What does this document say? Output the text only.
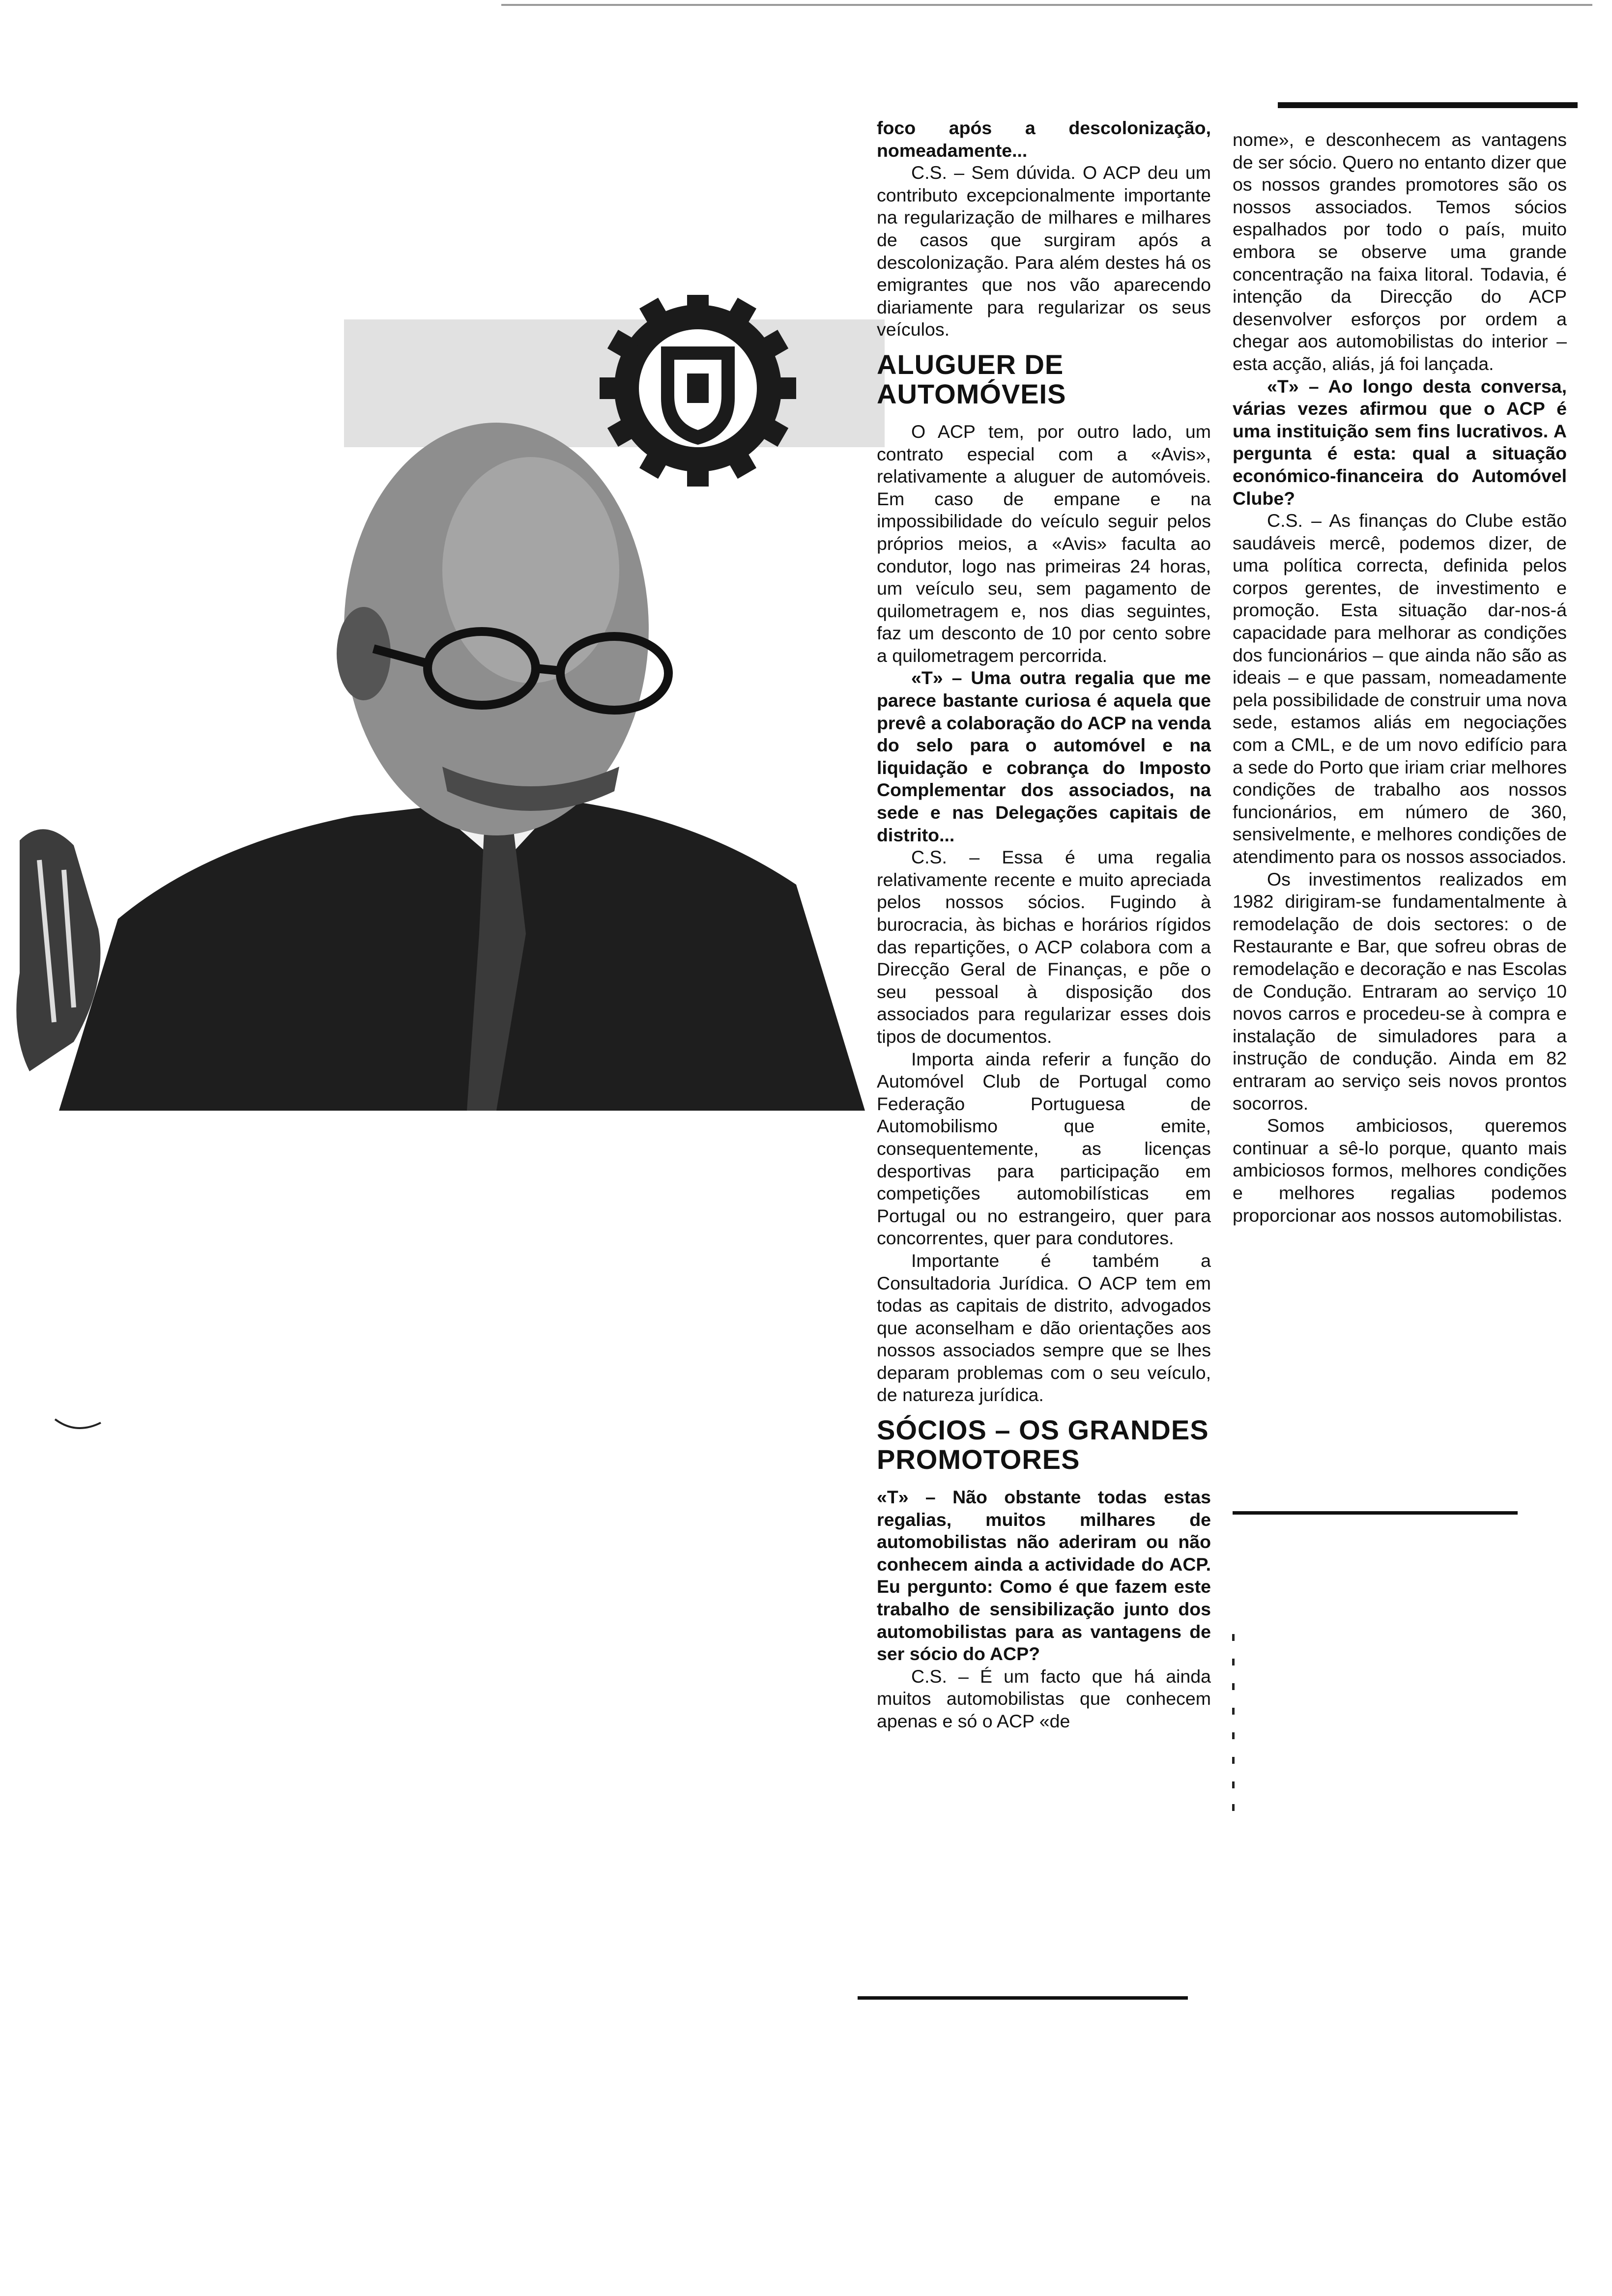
foco após a descolonização, nomeadamente...

C.S. – Sem dúvida. O ACP deu um contributo excepcionalmente importante na regularização de milhares e milhares de casos que surgiram após a descolonização. Para além destes há os emigrantes que nos vão aparecendo diariamente para regularizar os seus veículos.

ALUGUER DE AUTOMÓVEIS

O ACP tem, por outro lado, um contrato especial com a «Avis», relativamente a aluguer de automóveis. Em caso de empane e na impossibilidade do veículo seguir pelos próprios meios, a «Avis» faculta ao condutor, logo nas primeiras 24 horas, um veículo seu, sem pagamento de quilometragem e, nos dias seguintes, faz um desconto de 10 por cento sobre a quilometragem percorrida.

«T» – Uma outra regalia que me parece bastante curiosa é aquela que prevê a colaboração do ACP na venda do selo para o automóvel e na liquidação e cobrança do Imposto Complementar dos associados, na sede e nas Delegações capitais de distrito...

C.S. – Essa é uma regalia relativamente recente e muito apreciada pelos nossos sócios. Fugindo à burocracia, às bichas e horários rígidos das repartições, o ACP colabora com a Direcção Geral de Finanças, e põe o seu pessoal à disposição dos associados para regularizar esses dois tipos de documentos.

Importa ainda referir a função do Automóvel Club de Portugal como Federação Portuguesa de Automobilismo que emite, consequentemente, as licenças desportivas para participação em competições automobilísticas em Portugal ou no estrangeiro, quer para concorrentes, quer para condutores.

Importante é também a Consultadoria Jurídica. O ACP tem em todas as capitais de distrito, advogados que aconselham e dão orientações aos nossos associados sempre que se lhes deparam problemas com o seu veículo, de natureza jurídica.

SÓCIOS – OS GRANDES PROMOTORES

«T» – Não obstante todas estas regalias, muitos milhares de automobilistas não aderiram ou não conhecem ainda a actividade do ACP. Eu pergunto: Como é que fazem este trabalho de sensibilização junto dos automobilistas para as vantagens de ser sócio do ACP?

C.S. – É um facto que há ainda muitos automobilistas que conhecem apenas e só o ACP «de

nome», e desconhecem as vantagens de ser sócio. Quero no entanto dizer que os nossos grandes promotores são os nossos associados. Temos sócios espalhados por todo o país, muito embora se observe uma grande concentração na faixa litoral. Todavia, é intenção da Direcção do ACP desenvolver esforços por ordem a chegar aos automobilistas do interior – esta acção, aliás, já foi lançada.

«T» – Ao longo desta conversa, várias vezes afirmou que o ACP é uma instituição sem fins lucrativos. A pergunta é esta: qual a situação económico-financeira do Automóvel Clube?

C.S. – As finanças do Clube estão saudáveis mercê, podemos dizer, de uma política correcta, definida pelos corpos gerentes, de investimento e promoção. Esta situação dar-nos-á capacidade para melhorar as condições dos funcionários – que ainda não são as ideais – e que passam, nomeadamente pela possibilidade de construir uma nova sede, estamos aliás em negociações com a CML, e de um novo edifício para a sede do Porto que iriam criar melhores condições de trabalho aos nossos funcionários, em número de 360, sensivelmente, e melhores condições de atendimento para os nossos associados.

Os investimentos realizados em 1982 dirigiram-se fundamentalmente à remodelação de dois sectores: o de Restaurante e Bar, que sofreu obras de remodelação e decoração e nas Escolas de Condução. Entraram ao serviço 10 novos carros e procedeu-se à compra e instalação de simuladores para a instrução de condução. Ainda em 82 entraram ao serviço seis novos prontos socorros.

Somos ambiciosos, queremos continuar a sê-lo porque, quanto mais ambiciosos formos, melhores condições e melhores regalias podemos proporcionar aos nossos automobilistas.
